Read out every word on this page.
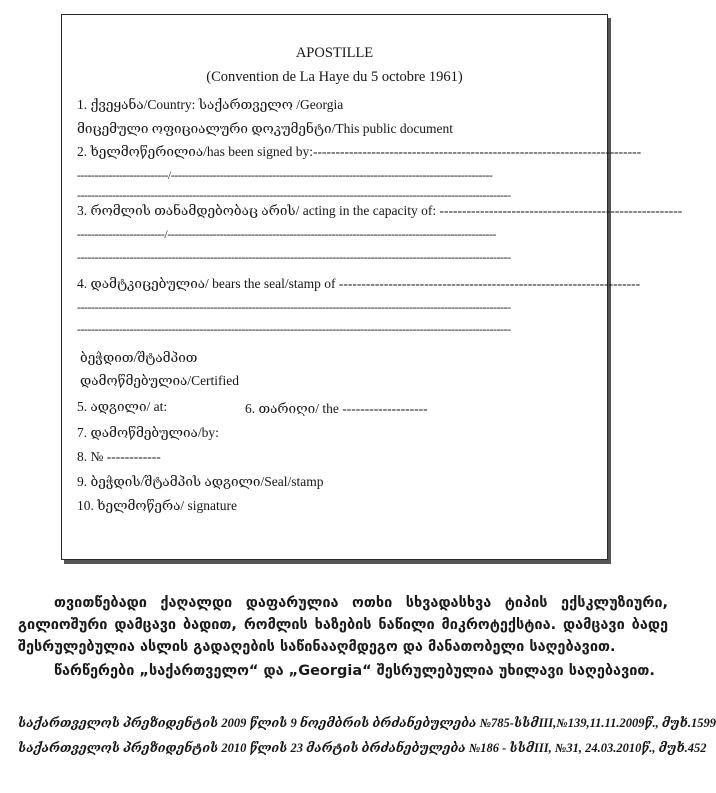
APOSTILLE
(Convention de La Haye du 5 octobre 1961)
1. ქვეყანა/Country: საქართველო /Georgia
მიცემული ოფიციალური დოკუმენტი/This public document
2. ხელმოწერილია/has been signed by:-------------------------------------------------------------------------
--------------------------/--------------------------------------------------------------------------------------------
----------------------------------------------------------------------------------------------------------------------------
3. რომლის თანამდებობაც არის/ acting in the capacity of: ------------------------------------------------------
-------------------------/----------------------------------------------------------------------------------------------
----------------------------------------------------------------------------------------------------------------------------
4. დამტკიცებულია/ bears the seal/stamp of -------------------------------------------------------------------
----------------------------------------------------------------------------------------------------------------------------
----------------------------------------------------------------------------------------------------------------------------
ბეჭდით/შტამპით
დამოწმებულია/Certified
5. ადგილი/ at:	6. თარიღი/ the -------------------
7. დამოწმებულია/by:
8. № ------------
9. ბეჭდის/შტამპის ადგილი/Seal/stamp
10. ხელმოწერა/ signature

თვითწებადი ქაღალდი დაფარულია ოთხი სხვადასხვა ტიპის ექსკლუზიური, გილიოშური დამცავი ბადით, რომლის ხაზების ნაწილი მიკროტექსტია. დამცავი ბადე შესრულებულია ასლის გადაღების საწინააღმდეგო და მანათობელი საღებავით.

წარწერები „საქართველო“ და „Georgia“ შესრულებულია უხილავი საღებავით.

საქართველოს პრეზიდენტის 2009 წლის 9 ნოემბრის ბრძანებულება №785-სსმIII,№139,11.11.2009წ., მუხ.1599
საქართველოს პრეზიდენტის 2010 წლის 23 მარტის ბრძანებულება №186 - სსმIII, №31, 24.03.2010წ., მუხ.452
